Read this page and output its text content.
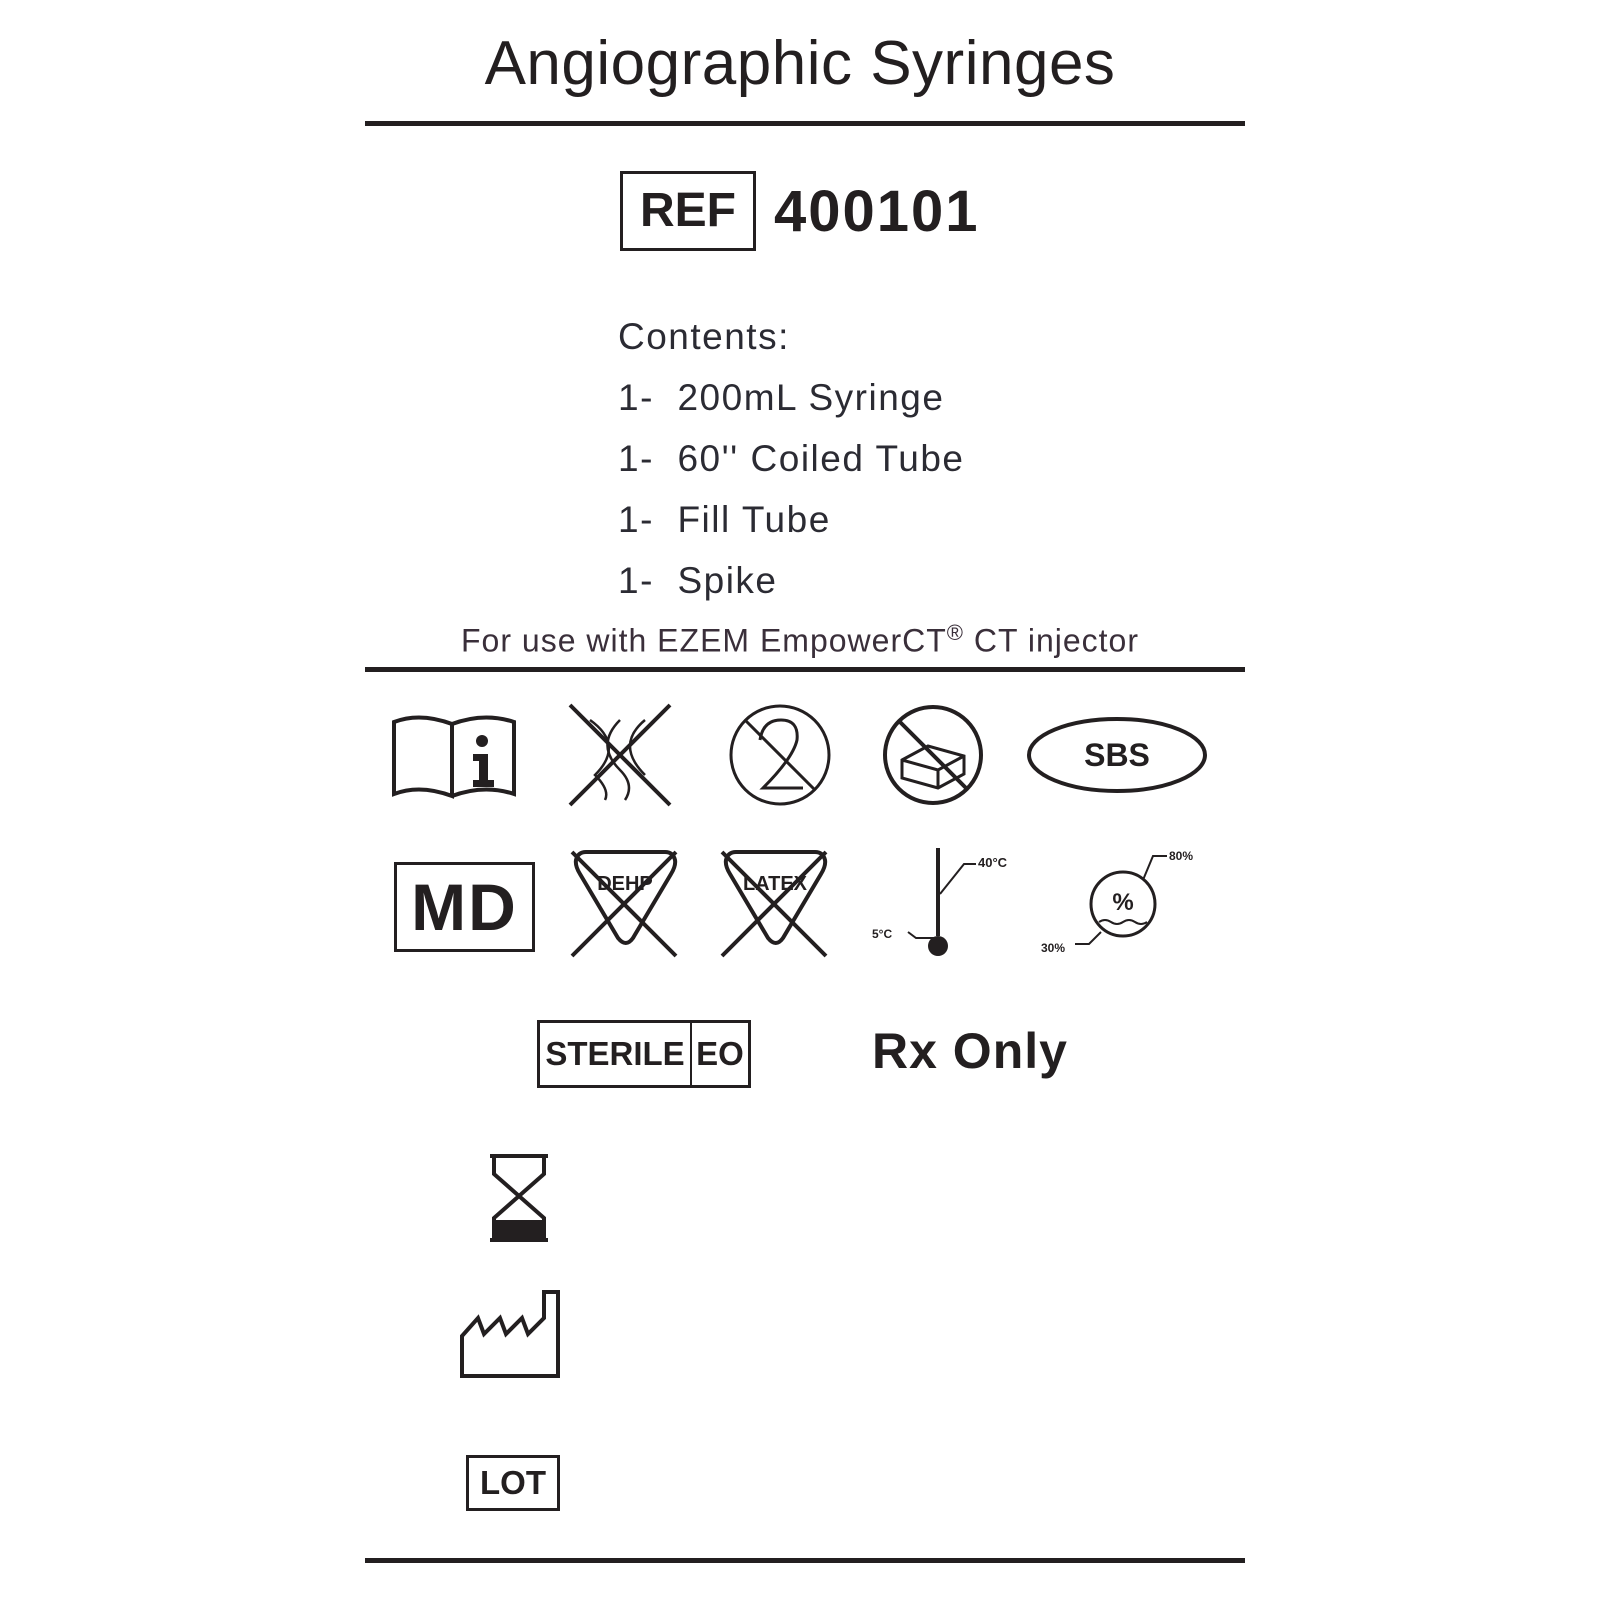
Angiographic Syringes
REF 400101
Contents:
1-  200mL Syringe
1-  60'' Coiled Tube
1-  Fill Tube
1-  Spike
For use with EZEM EmpowerCT® CT injector
SBS
MD	DEHP	LATEX
40°C
5°C
%
80%
30%
STERILE EO	Rx Only
LOT
